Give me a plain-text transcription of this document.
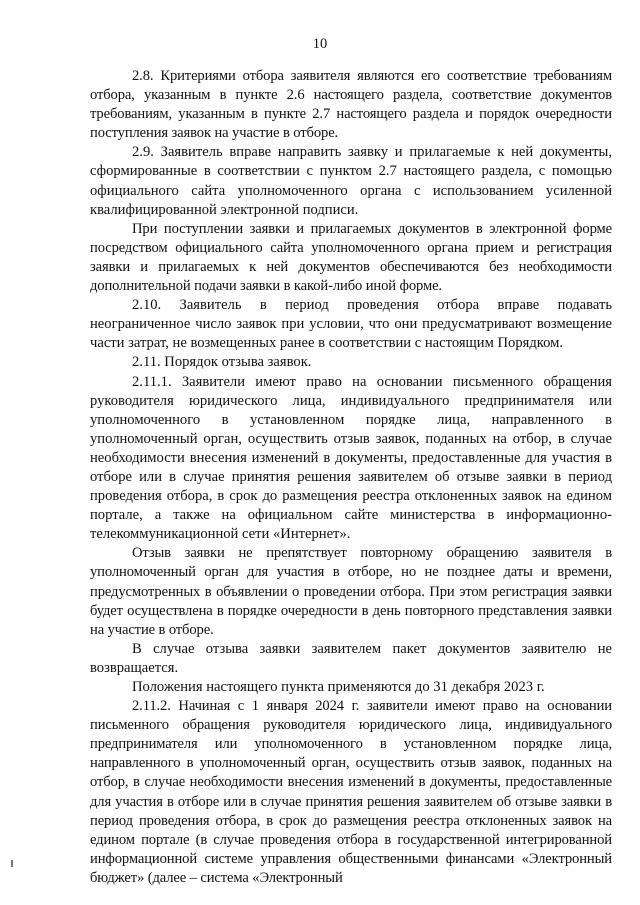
10

2.8. Критериями отбора заявителя являются его соответствие требованиям отбора, указанным в пункте 2.6 настоящего раздела, соответствие документов требованиям, указанным в пункте 2.7 настоящего раздела и порядок очередности поступления заявок на участие в отборе.

2.9. Заявитель вправе направить заявку и прилагаемые к ней документы, сформированные в соответствии с пунктом 2.7 настоящего раздела, с помощью официального сайта уполномоченного органа с использованием усиленной квалифицированной электронной подписи.

При поступлении заявки и прилагаемых документов в электронной форме посредством официального сайта уполномоченного органа прием и регистрация заявки и прилагаемых к ней документов обеспечиваются без необходимости дополнительной подачи заявки в какой-либо иной форме.

2.10. Заявитель в период проведения отбора вправе подавать неограниченное число заявок при условии, что они предусматривают возмещение части затрат, не возмещенных ранее в соответствии с настоящим Порядком.

2.11. Порядок отзыва заявок.

2.11.1. Заявители имеют право на основании письменного обращения руководителя юридического лица, индивидуального предпринимателя или уполномоченного в установленном порядке лица, направленного в уполномоченный орган, осуществить отзыв заявок, поданных на отбор, в случае необходимости внесения изменений в документы, предоставленные для участия в отборе или в случае принятия решения заявителем об отзыве заявки в период проведения отбора, в срок до размещения реестра отклоненных заявок на едином портале, а также на официальном сайте министерства в информационно-телекоммуникационной сети «Интернет».

Отзыв заявки не препятствует повторному обращению заявителя в уполномоченный орган для участия в отборе, но не позднее даты и времени, предусмотренных в объявлении о проведении отбора. При этом регистрация заявки будет осуществлена в порядке очередности в день повторного представления заявки на участие в отборе.

В случае отзыва заявки заявителем пакет документов заявителю не возвращается.

Положения настоящего пункта применяются до 31 декабря 2023 г.

2.11.2. Начиная с 1 января 2024 г. заявители имеют право на основании письменного обращения руководителя юридического лица, индивидуального предпринимателя или уполномоченного в установленном порядке лица, направленного в уполномоченный орган, осуществить отзыв заявок, поданных на отбор, в случае необходимости внесения изменений в документы, предоставленные для участия в отборе или в случае принятия решения заявителем об отзыве заявки в период проведения отбора, в срок до размещения реестра отклоненных заявок на едином портале (в случае проведения отбора в государственной интегрированной информационной системе управления общественными финансами «Электронный бюджет» (далее – система «Электронный
